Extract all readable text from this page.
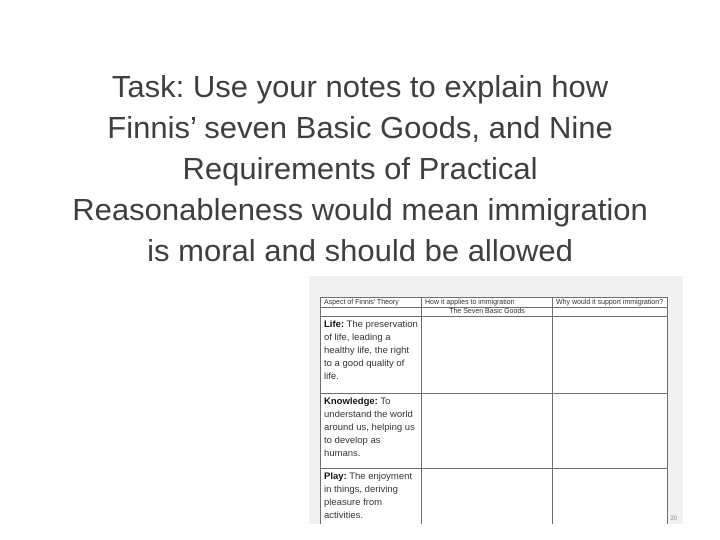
Task: Use your notes to explain how
Finnis’ seven Basic Goods, and Nine
Requirements of Practical
Reasonableness would mean immigration
is moral and should be allowed
Aspect of Finnis’ Theory	How it applies to immigration	Why would it support immigration?
	The Seven Basic Goods	
Life: The preservation of life, leading a healthy life, the right to a good quality of life.		
Knowledge: To understand the world around us, helping us to develop as humans.		
Play: The enjoyment in things, deriving pleasure from activities.			20
